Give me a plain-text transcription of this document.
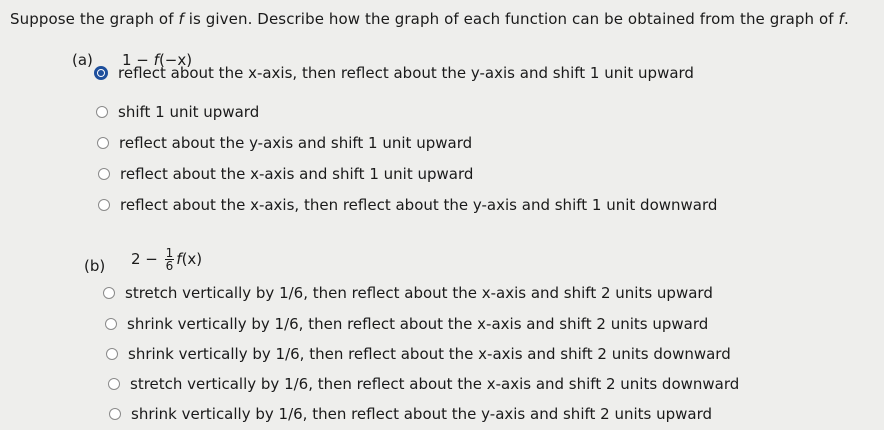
Suppose the graph of f is given. Describe how the graph of each function can be obtained from the graph of f.
(a) 1 − f(−x)
reflect about the x-axis, then reflect about the y-axis and shift 1 unit upward
shift 1 unit upward
reflect about the y-axis and shift 1 unit upward
reflect about the x-axis and shift 1 unit upward
reflect about the x-axis, then reflect about the y-axis and shift 1 unit downward
(b) $2 - \frac{1}{6} f(x)$
stretch vertically by 1/6, then reflect about the x-axis and shift 2 units upward
shrink vertically by 1/6, then reflect about the x-axis and shift 2 units upward
shrink vertically by 1/6, then reflect about the x-axis and shift 2 units downward
stretch vertically by 1/6, then reflect about the x-axis and shift 2 units downward
shrink vertically by 1/6, then reflect about the y-axis and shift 2 units upward
